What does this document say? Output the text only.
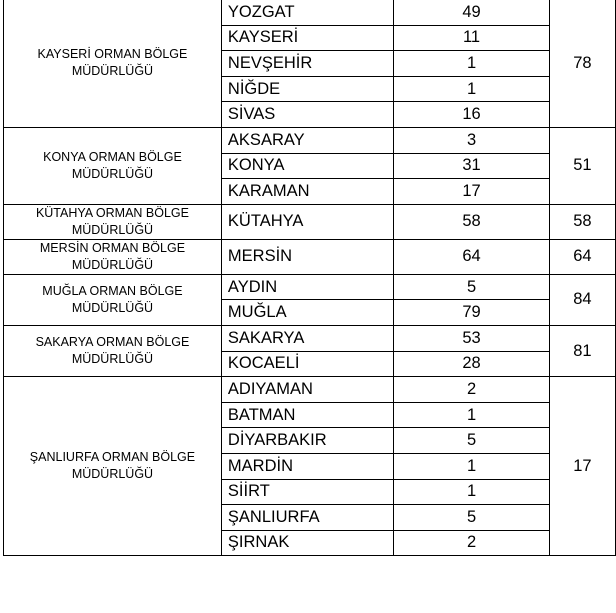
KAYSERİ ORMAN BÖLGE MÜDÜRLÜĞÜ	YOZGAT	49	78
	KAYSERİ	11	
	NEVŞEHİR	1	
	NİĞDE	1	
	SİVAS	16	
KONYA ORMAN BÖLGE MÜDÜRLÜĞÜ	AKSARAY	3	51
	KONYA	31	
	KARAMAN	17	
KÜTAHYA ORMAN BÖLGE MÜDÜRLÜĞÜ	KÜTAHYA	58	58
MERSİN ORMAN BÖLGE MÜDÜRLÜĞÜ	MERSİN	64	64
MUĞLA ORMAN BÖLGE MÜDÜRLÜĞÜ	AYDIN	5	84
	MUĞLA	79	
SAKARYA ORMAN BÖLGE MÜDÜRLÜĞÜ	SAKARYA	53	81
	KOCAELİ	28	
ŞANLIURFA ORMAN BÖLGE MÜDÜRLÜĞÜ	ADIYAMAN	2	17
	BATMAN	1	
	DİYARBAKIR	5	
	MARDİN	1	
	SİİRT	1	
	ŞANLIURFA	5	
	ŞIRNAK	2	
